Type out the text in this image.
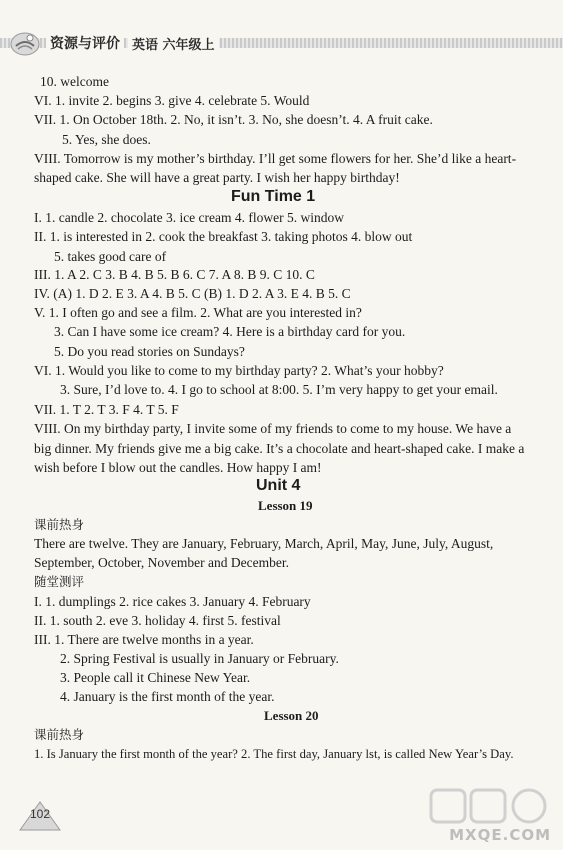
资源与评价 英语 六年级上
10. welcome
VI. 1. invite 2. begins 3. give 4. celebrate 5. Would
VII. 1. On October 18th. 2. No, it isn’t. 3. No, she doesn’t. 4. A fruit cake.
5. Yes, she does.
VIII. Tomorrow is my mother’s birthday. I’ll get some flowers for her. She’d like a heart-
shaped cake. She will have a great party. I wish her happy birthday!
Fun Time 1
I. 1. candle 2. chocolate 3. ice cream 4. flower 5. window
II. 1. is interested in 2. cook the breakfast 3. taking photos 4. blow out
5. takes good care of
III. 1. A 2. C 3. B 4. B 5. B 6. C 7. A 8. B 9. C 10. C
IV. (A) 1. D 2. E 3. A 4. B 5. C (B) 1. D 2. A 3. E 4. B 5. C
V. 1. I often go and see a film. 2. What are you interested in?
3. Can I have some ice cream? 4. Here is a birthday card for you.
5. Do you read stories on Sundays?
VI. 1. Would you like to come to my birthday party? 2. What’s your hobby?
3. Sure, I’d love to. 4. I go to school at 8:00. 5. I’m very happy to get your email.
VII. 1. T 2. T 3. F 4. T 5. F
VIII. On my birthday party, I invite some of my friends to come to my house. We have a
big dinner. My friends give me a big cake. It’s a chocolate and heart-shaped cake. I make a
wish before I blow out the candles. How happy I am!
Unit 4
Lesson 19
课前热身
There are twelve. They are January, February, March, April, May, June, July, August,
September, October, November and December.
随堂测评
I. 1. dumplings 2. rice cakes 3. January 4. February
II. 1. south 2. eve 3. holiday 4. first 5. festival
III. 1. There are twelve months in a year.
2. Spring Festival is usually in January or February.
3. People call it Chinese New Year.
4. January is the first month of the year.
Lesson 20
课前热身
1. Is January the first month of the year? 2. The first day, January lst, is called New Year’s Day.
102
MXQE.COM
